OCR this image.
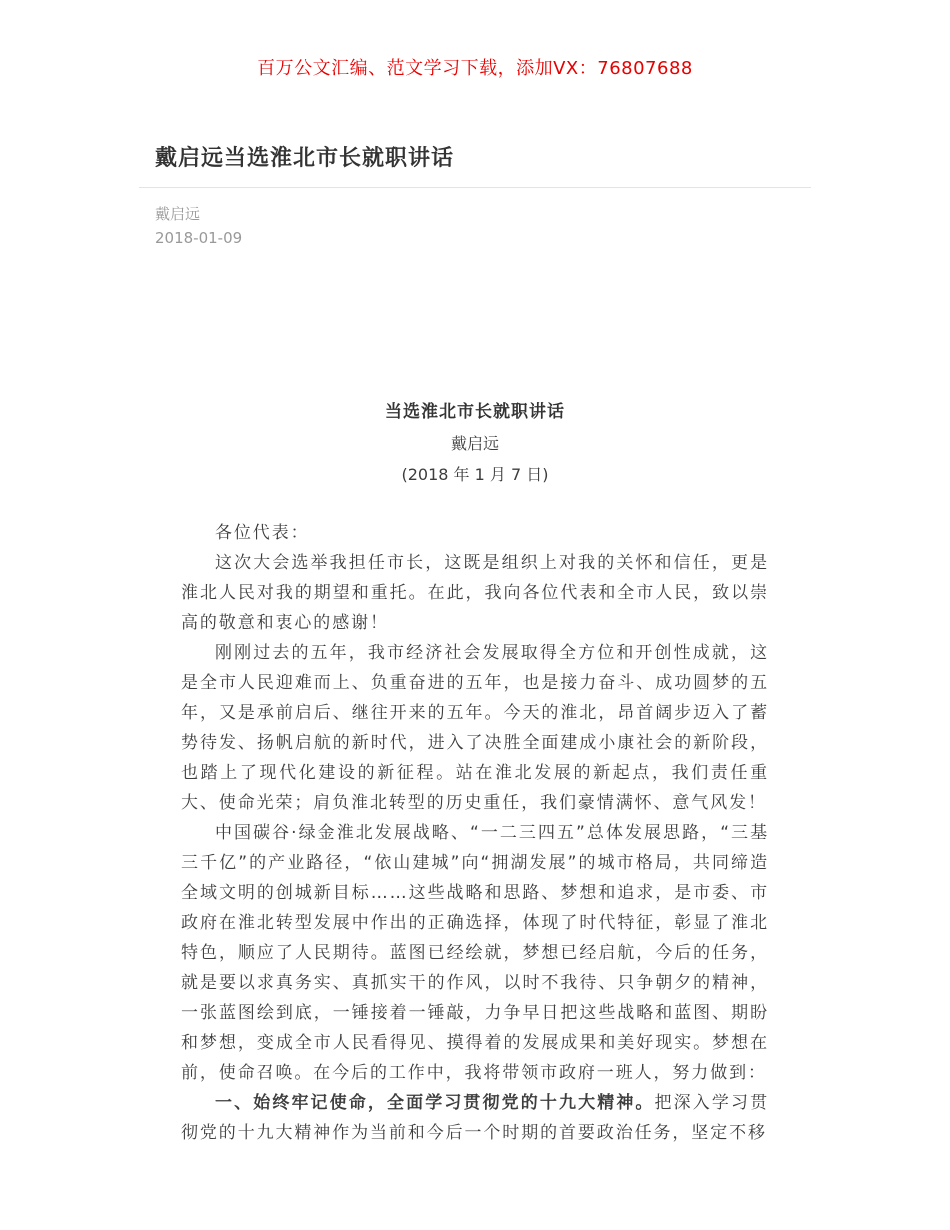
百万公文汇编、范文学习下载，添加VX：76807688
戴启远当选淮北市长就职讲话
戴启远
2018-01-09
当选淮北市长就职讲话
戴启远
(2018 年 1 月 7 日)

各位代表：

这次大会选举我担任市长，这既是组织上对我的关怀和信任，更是淮北人民对我的期望和重托。在此，我向各位代表和全市人民，致以崇高的敬意和衷心的感谢！

刚刚过去的五年，我市经济社会发展取得全方位和开创性成就，这是全市人民迎难而上、负重奋进的五年，也是接力奋斗、成功圆梦的五年，又是承前启后、继往开来的五年。今天的淮北，昂首阔步迈入了蓄势待发、扬帆启航的新时代，进入了决胜全面建成小康社会的新阶段，也踏上了现代化建设的新征程。站在淮北发展的新起点，我们责任重大、使命光荣；肩负淮北转型的历史重任，我们豪情满怀、意气风发！

中国碳谷·绿金淮北发展战略、“一二三四五”总体发展思路，“三基三千亿”的产业路径，“依山建城”向“拥湖发展”的城市格局，共同缔造全域文明的创城新目标……这些战略和思路、梦想和追求，是市委、市政府在淮北转型发展中作出的正确选择，体现了时代特征，彰显了淮北特色，顺应了人民期待。蓝图已经绘就，梦想已经启航，今后的任务，就是要以求真务实、真抓实干的作风，以时不我待、只争朝夕的精神，一张蓝图绘到底，一锤接着一锤敲，力争早日把这些战略和蓝图、期盼和梦想，变成全市人民看得见、摸得着的发展成果和美好现实。梦想在前，使命召唤。在今后的工作中，我将带领市政府一班人，努力做到：

一、始终牢记使命，全面学习贯彻党的十九大精神。把深入学习贯彻党的十九大精神作为当前和今后一个时期的首要政治任务，坚定不移
